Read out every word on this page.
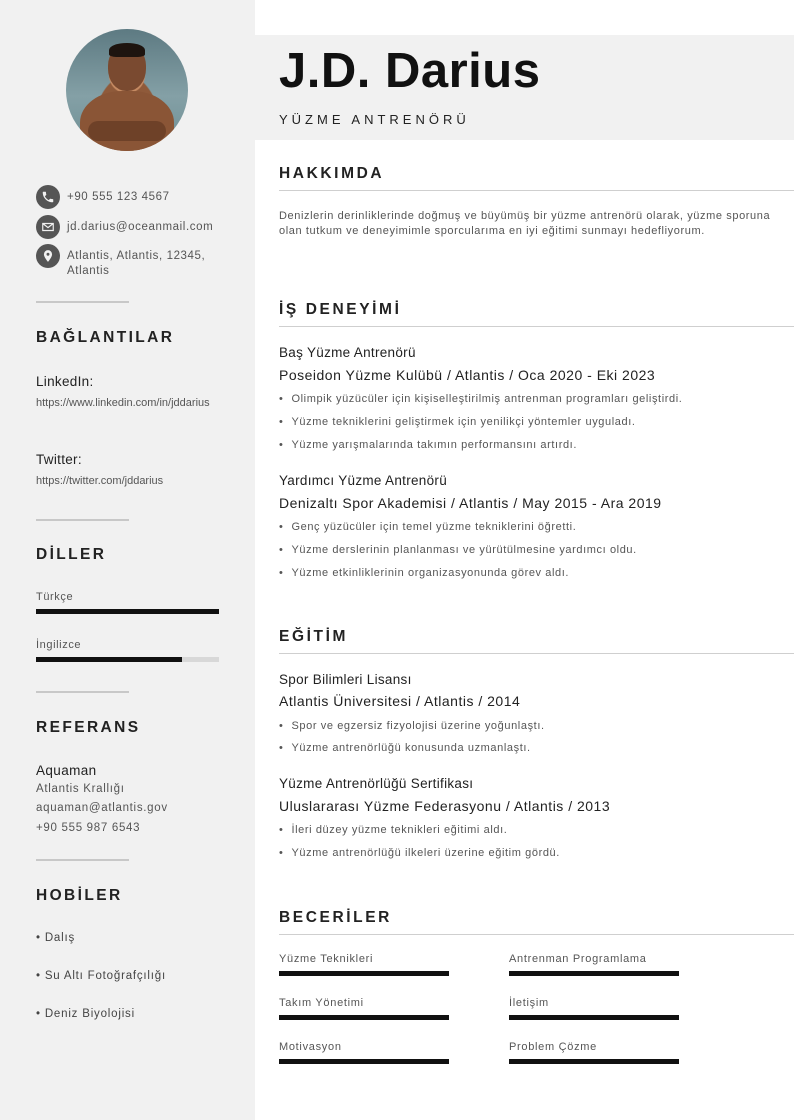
+90 555 123 4567
jd.darius@oceanmail.com
Atlantis, Atlantis, 12345, Atlantis
BAĞLANTILAR
LinkedIn:
https://www.linkedin.com/in/jddarius
Twitter:
https://twitter.com/jddarius
DİLLER
Türkçe
İngilizce
REFERANS
Aquaman
Atlantis Krallığı
aquaman@atlantis.gov
+90 555 987 6543
HOBİLER
• Dalış
• Su Altı Fotoğrafçılığı
• Deniz Biyolojisi
J.D. Darius
YÜZME ANTRENÖRÜ
HAKKIMDA
Denizlerin derinliklerinde doğmuş ve büyümüş bir yüzme antrenörü olarak, yüzme sporuna olan tutkum ve deneyimimle sporcularıma en iyi eğitimi sunmayı hedefliyorum.
İŞ DENEYİMİ
Baş Yüzme Antrenörü
Poseidon Yüzme Kulübü / Atlantis / Oca 2020 - Eki 2023
• Olimpik yüzücüler için kişiselleştirilmiş antrenman programları geliştirdi.
• Yüzme tekniklerini geliştirmek için yenilikçi yöntemler uyguladı.
• Yüzme yarışmalarında takımın performansını artırdı.
Yardımcı Yüzme Antrenörü
Denizaltı Spor Akademisi / Atlantis / May 2015 - Ara 2019
• Genç yüzücüler için temel yüzme tekniklerini öğretti.
• Yüzme derslerinin planlanması ve yürütülmesine yardımcı oldu.
• Yüzme etkinliklerinin organizasyonunda görev aldı.
EĞİTİM
Spor Bilimleri Lisansı
Atlantis Üniversitesi / Atlantis / 2014
• Spor ve egzersiz fizyolojisi üzerine yoğunlaştı.
• Yüzme antrenörlüğü konusunda uzmanlaştı.
Yüzme Antrenörlüğü Sertifikası
Uluslararası Yüzme Federasyonu / Atlantis / 2013
• İleri düzey yüzme teknikleri eğitimi aldı.
• Yüzme antrenörlüğü ilkeleri üzerine eğitim gördü.
BECERİLER
Yüzme Teknikleri	Antrenman Programlama
Takım Yönetimi	İletişim
Motivasyon	Problem Çözme
